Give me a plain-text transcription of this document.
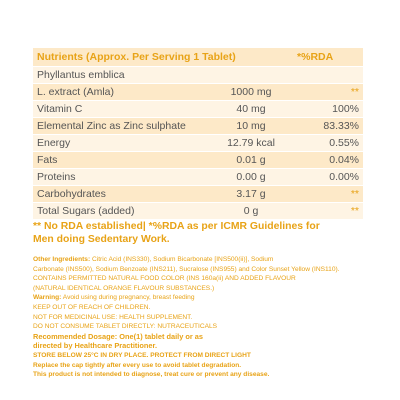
Nutrients (Approx. Per Serving 1 Tablet)		*%RDA
Phyllantus emblica		
L. extract (Amla)	1000 mg	**
Vitamin C	40 mg	100%
Elemental Zinc as Zinc sulphate	10 mg	83.33%
Energy	12.79 kcal	0.55%
Fats	0.01 g	0.04%
Proteins	0.00 g	0.00%
Carbohydrates	3.17 g	**
Total Sugars (added)	0 g	**
** No RDA established| *%RDA as per ICMR Guidelines for
Men doing Sedentary Work.
Other Ingredients: Citric Acid (INS330), Sodium Bicarbonate [INS500(ii)], Sodium
Carbonate (INS500), Sodium Benzoate (INS211), Sucralose (INS955) and Color Sunset Yellow (INS110).
CONTAINS PERMITTED NATURAL FOOD COLOR (INS 160a(ii) AND ADDED FLAVOUR
(NATURAL IDENTICAL ORANGE FLAVOUR SUBSTANCES.)
Warning: Avoid using during pregnancy, breast feeding
KEEP OUT OF REACH OF CHILDREN.
NOT FOR MEDICINAL USE: HEALTH SUPPLEMENT.
DO NOT CONSUME TABLET DIRECTLY: NUTRACEUTICALS
Recommended Dosage: One(1) tablet daily or as
directed by Healthcare Practitioner.
STORE BELOW 25°C IN DRY PLACE. PROTECT FROM DIRECT LIGHT
Replace the cap tightly after every use to avoid tablet degradation.
This product is not intended to diagnose, treat cure or prevent any disease.
